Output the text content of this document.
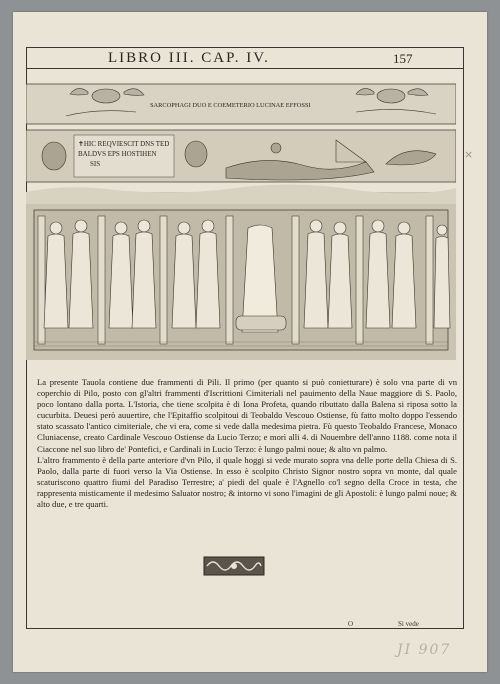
LIBRO III. CAP. IV.	157
×
SARCOPHAGI DUO E COEMETERIO LUCINAE EFFOSSI
✝HIC REQVIESCIT DNS TED
BALDVS EPS HOSTIHEN
SIS

La presente Tauola contiene due frammenti di Pili. Il primo (per quanto si può conietturare) è solo vna parte di vn coperchio di Pilo, posto con gl'altri frammenti d'Iscrittioni Cimiteriali nel pauimento della Naue maggiore di S. Paolo, poco lontano dalla porta. L'Istoria, che tiene scolpita è di Iona Profeta, quando ributtato dalla Balena si riposa sotto la cucurbita. Deuesi però auuertire, che l'Epitaffio scolpitoui di Teobaldo Vescouo Ostiense, fù fatto molto doppo l'essendo stato scassato l'antico cimiteriale, che vi era, come si vede dalla medesima pietra. Fù questo Teobaldo Francese, Monaco Cluniacense, creato Cardinale Vescouo Ostiense da Lucio Terzo; e morì alli 4. di Nouembre dell'anno 1188. come nota il Ciaccone nel suo libro de' Pontefici, e Cardinali in Lucio Terzo: è lungo palmi noue; & alto vn palmo.

L'altro frammento è della parte anteriore d'vn Pilo, il quale hoggi si vede murato sopra vna delle porte della Chiesa di S. Paolo, dalla parte di fuori verso la Via Ostiense. In esso è scolpito Christo Signor nostro sopra vn monte, dal quale scaturiscono quattro fiumi del Paradiso Terrestre; a' piedi del quale è l'Agnello co'l segno della Croce in testa, che rappresenta misticamente il medesimo Saluator nostro; & intorno vi sono l'imagini de gli Apostoli: è lungo palmi noue; & alto due, e tre quarti.

O	Si vede
JI 907
